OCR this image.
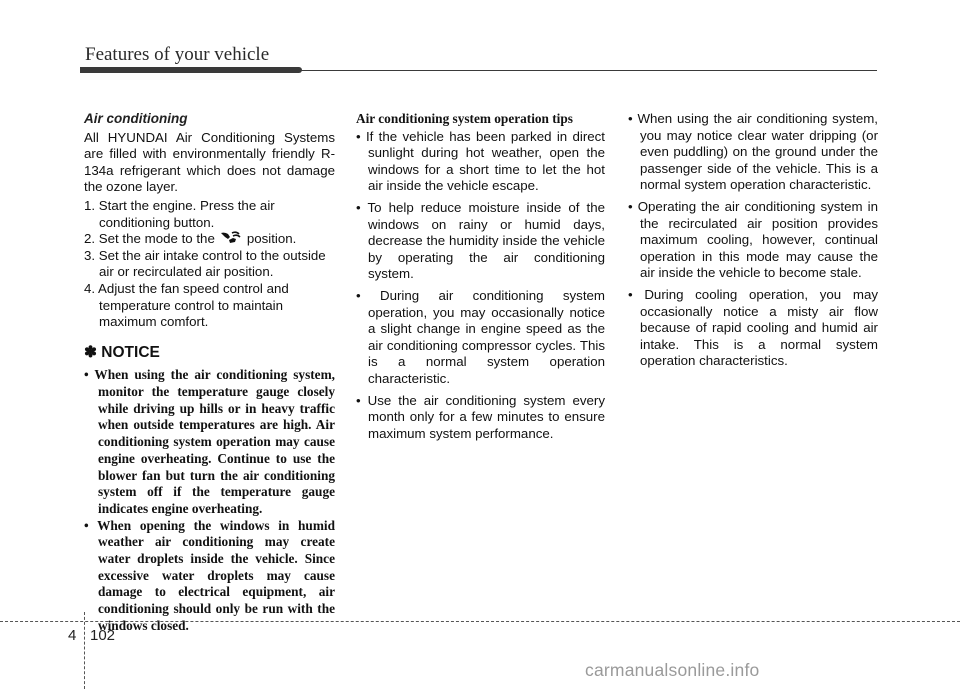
Features of your vehicle
Air conditioning

All HYUNDAI Air Conditioning Systems are filled with environmentally friendly R-134a refrigerant which does not damage the ozone layer.

1. Start the engine. Press the air conditioning button.
2. Set the mode to the position.
3. Set the air intake control to the outside air or recirculated air position.
4. Adjust the fan speed control and temperature control to maintain maximum comfort.
✽ NOTICE
• When using the air conditioning system, monitor the temperature gauge closely while driving up hills or in heavy traffic when outside temperatures are high. Air conditioning system operation may cause engine overheating. Continue to use the blower fan but turn the air conditioning system off if the temperature gauge indicates engine overheating.
• When opening the windows in humid weather air conditioning may create water droplets inside the vehicle. Since excessive water droplets may cause damage to electrical equipment, air conditioning should only be run with the windows closed.
Air conditioning system operation tips
• If the vehicle has been parked in direct sunlight during hot weather, open the windows for a short time to let the hot air inside the vehicle escape.
• To help reduce moisture inside of the windows on rainy or humid days, decrease the humidity inside the vehicle by operating the air conditioning system.
• During air conditioning system operation, you may occasionally notice a slight change in engine speed as the air conditioning compressor cycles. This is a normal system operation characteristic.
• Use the air conditioning system every month only for a few minutes to ensure maximum system performance.
• When using the air conditioning system, you may notice clear water dripping (or even puddling) on the ground under the passenger side of the vehicle. This is a normal system operation characteristic.
• Operating the air conditioning system in the recirculated air position provides maximum cooling, however, continual operation in this mode may cause the air inside the vehicle to become stale.
• During cooling operation, you may occasionally notice a misty air flow because of rapid cooling and humid air intake. This is a normal system operation characteristics.
4 102
carmanualsonline.info
